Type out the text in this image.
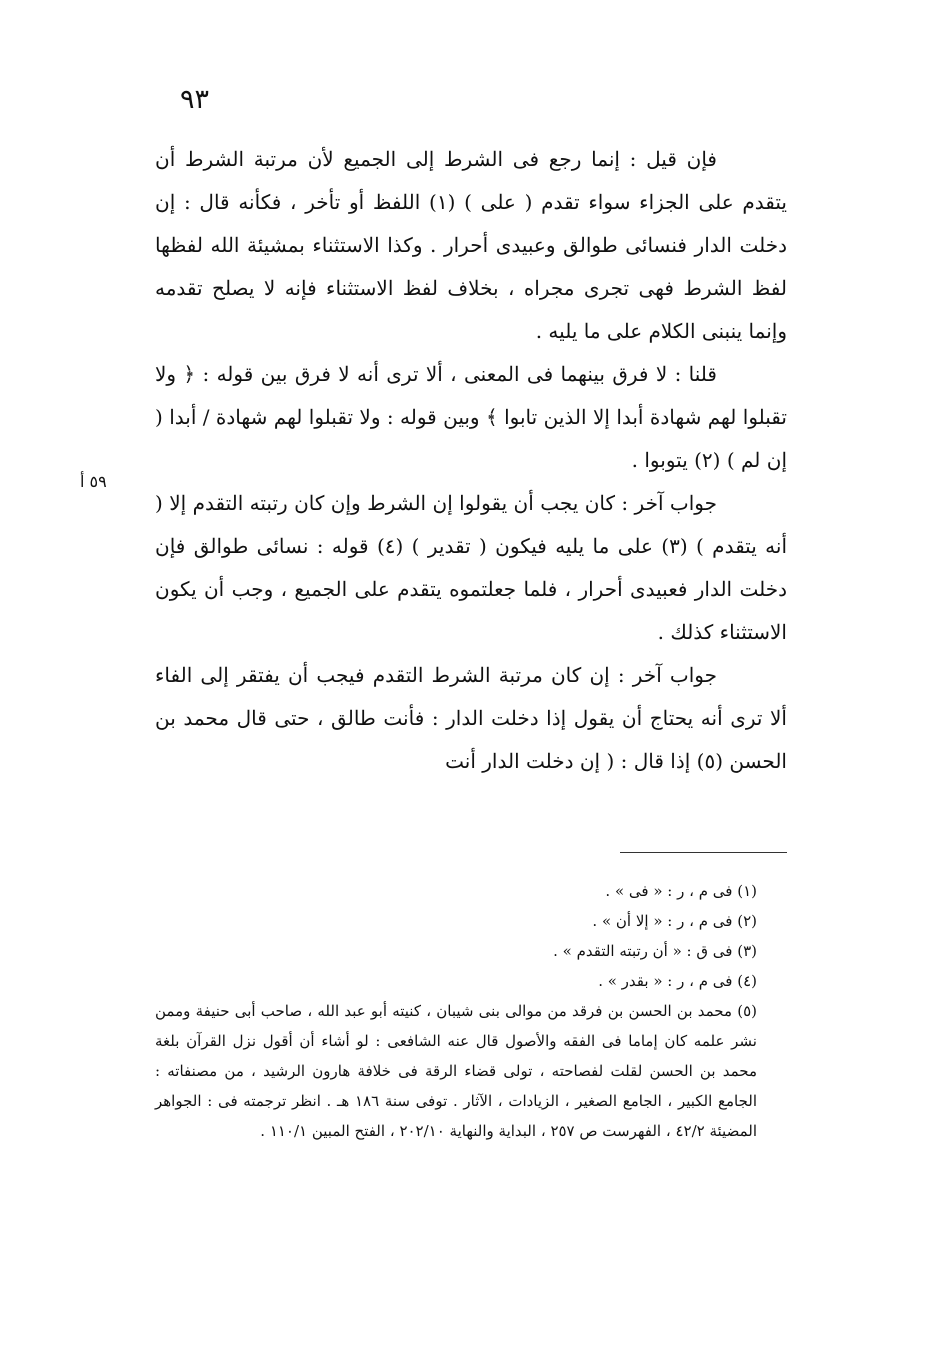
٩٣
٥٩ أ

فإن قيل : إنما رجع فى الشرط إلى الجميع لأن مرتبة الشرط أن يتقدم على الجزاء سواء تقدم ( على ) (١) اللفظ أو تأخر ، فكأنه قال : إن دخلت الدار فنسائى طوالق وعبيدى أحرار . وكذا الاستثناء بمشيئة الله لفظها لفظ الشرط فهى تجرى مجراه ، بخلاف لفظ الاستثناء فإنه لا يصلح تقدمه وإنما ينبنى الكلام على ما يليه .

قلنا : لا فرق بينهما فى المعنى ، ألا ترى أنه لا فرق بين قوله : ﴿ ولا تقبلوا لهم شهادة أبدا إلا الذين تابوا ﴾ وبين قوله : ولا تقبلوا لهم شهادة / أبدا ( إن لم ) (٢) يتوبوا .

جواب آخر : كان يجب أن يقولوا إن الشرط وإن كان رتبته التقدم إلا ( أنه يتقدم ) (٣) على ما يليه فيكون ( تقدير ) (٤) قوله : نسائى طوالق فإن دخلت الدار فعبيدى أحرار ، فلما جعلتموه يتقدم على الجميع ، وجب أن يكون الاستثناء كذلك .

جواب آخر : إن كان مرتبة الشرط التقدم فيجب أن يفتقر إلى الفاء ألا ترى أنه يحتاج أن يقول إذا دخلت الدار : فأنت طالق ، حتى قال محمد بن الحسن (٥) إذا قال : ( إن دخلت الدار أنت

(١) فى م ، ر : « فى » .

(٢) فى م ، ر : « إلا أن » .

(٣) فى ق : « أن رتبته التقدم » .

(٤) فى م ، ر : « بقدر » .

(٥) محمد بن الحسن بن فرقد من موالى بنى شيبان ، كنيته أبو عبد الله ، صاحب أبى حنيفة وممن نشر علمه كان إماما فى الفقه والأصول قال عنه الشافعى : لو أشاء أن أقول نزل القرآن بلغة محمد بن الحسن لقلت لفصاحته ، تولى قضاء الرقة فى خلافة هارون الرشيد ، من مصنفاته : الجامع الكبير ، الجامع الصغير ، الزيادات ، الآثار . توفى سنة ١٨٦ هـ . انظر ترجمته فى : الجواهر المضيئة ٤٢/٢ ، الفهرست ص ٢٥٧ ، البداية والنهاية ٢٠٢/١٠ ، الفتح المبين ١١٠/١ .
